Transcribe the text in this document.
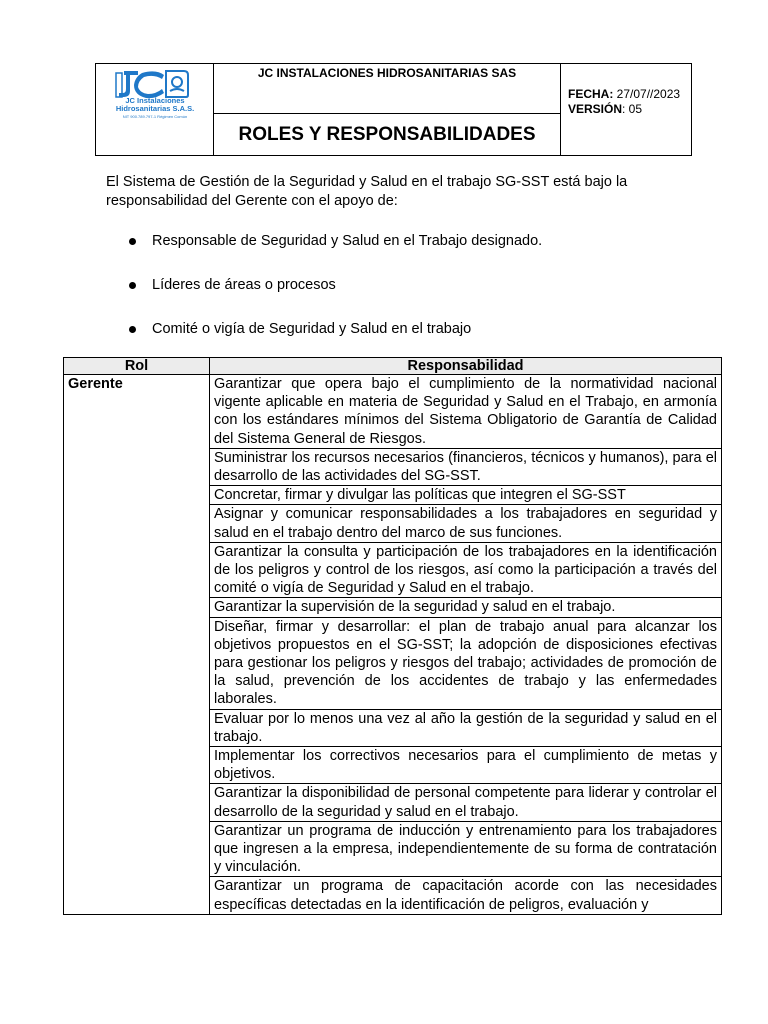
JC Instalaciones
Hidrosanitarias S.A.S.
NIT 900.789.797-1 Régimen Común
JC INSTALACIONES HIDROSANITARIAS SAS
ROLES Y RESPONSABILIDADES
FECHA: 27/07//2023
VERSIÓN: 05
El Sistema de Gestión de la Seguridad y Salud en el trabajo SG-SST está bajo la responsabilidad del Gerente con el apoyo de:
Responsable de Seguridad y Salud en el Trabajo designado.
Líderes de áreas o procesos
Comité o vigía de Seguridad y Salud en el trabajo
Rol	Responsabilidad
Gerente	Garantizar que opera bajo el cumplimiento de la normatividad nacional vigente aplicable en materia de Seguridad y Salud en el Trabajo, en armonía con los estándares mínimos del Sistema Obligatorio de Garantía de Calidad del Sistema General de Riesgos.
	Suministrar los recursos necesarios (financieros, técnicos y humanos), para el desarrollo de las actividades del SG-SST.
	Concretar, firmar y divulgar las políticas que integren el SG-SST
	Asignar y comunicar responsabilidades a los trabajadores en seguridad y salud en el trabajo dentro del marco de sus funciones.
	Garantizar la consulta y participación de los trabajadores en la identificación de los peligros y control de los riesgos, así como la participación a través del comité o vigía de Seguridad y Salud en el trabajo.
	Garantizar la supervisión de la seguridad y salud en el trabajo.
	Diseñar, firmar y desarrollar: el plan de trabajo anual para alcanzar los objetivos propuestos en el SG-SST; la adopción de disposiciones efectivas para gestionar los peligros y riesgos del trabajo; actividades de promoción de la salud, prevención de los accidentes de trabajo y las enfermedades laborales.
	Evaluar por lo menos una vez al año la gestión de la seguridad y salud en el trabajo.
	Implementar los correctivos necesarios para el cumplimiento de metas y objetivos.
	Garantizar la disponibilidad de personal competente para liderar y controlar el desarrollo de la seguridad y salud en el trabajo.
	Garantizar un programa de inducción y entrenamiento para los trabajadores que ingresen a la empresa, independientemente de su forma de contratación y vinculación.
	Garantizar un programa de capacitación acorde con las necesidades específicas detectadas en la identificación de peligros, evaluación y
